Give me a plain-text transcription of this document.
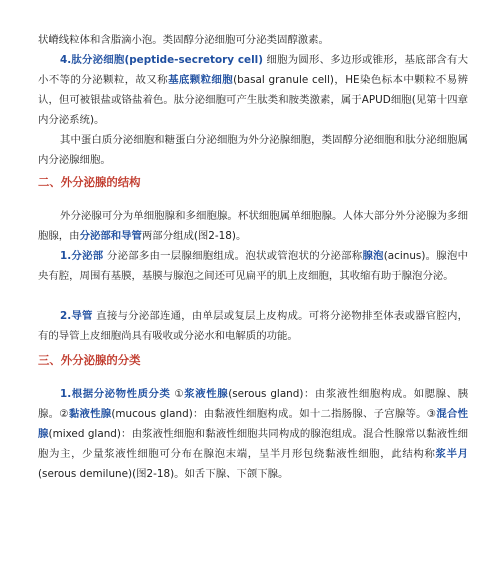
状嵴线粒体和含脂滴小泡。类固醇分泌细胞可分泌类固醇激素。

4.肽分泌细胞(peptide-secretory cell) 细胞为圆形、多边形或锥形，基底部含有大小不等的分泌颗粒，故又称基底颗粒细胞(basal granule cell)，HE染色标本中颗粒不易辨认，但可被银盐或铬盐着色。肽分泌细胞可产生肽类和胺类激素，属于APUD细胞(见第十四章内分泌系统)。

其中蛋白质分泌细胞和糖蛋白分泌细胞为外分泌腺细胞，类固醇分泌细胞和肽分泌细胞属内分泌腺细胞。

二、外分泌腺的结构

外分泌腺可分为单细胞腺和多细胞腺。杯状细胞属单细胞腺。人体大部分外分泌腺为多细胞腺，由分泌部和导管两部分组成(图2-18)。

1.分泌部 分泌部多由一层腺细胞组成。泡状或管泡状的分泌部称腺泡(acinus)。腺泡中央有腔，周围有基膜，基膜与腺泡之间还可见扁平的肌上皮细胞，其收缩有助于腺泡分泌。

2.导管 直接与分泌部连通，由单层或复层上皮构成。可将分泌物排至体表或器官腔内，有的导管上皮细胞尚具有吸收或分泌水和电解质的功能。

三、外分泌腺的分类

1.根据分泌物性质分类 ①浆液性腺(serous gland)：由浆液性细胞构成。如腮腺、胰腺。②黏液性腺(mucous gland)：由黏液性细胞构成。如十二指肠腺、子宫腺等。③混合性腺(mixed gland)：由浆液性细胞和黏液性细胞共同构成的腺泡组成。混合性腺常以黏液性细胞为主，少量浆液性细胞可分布在腺泡末端，呈半月形包绕黏液性细胞，此结构称浆半月(serous demilune)(图2-18)。如舌下腺、下颌下腺。
